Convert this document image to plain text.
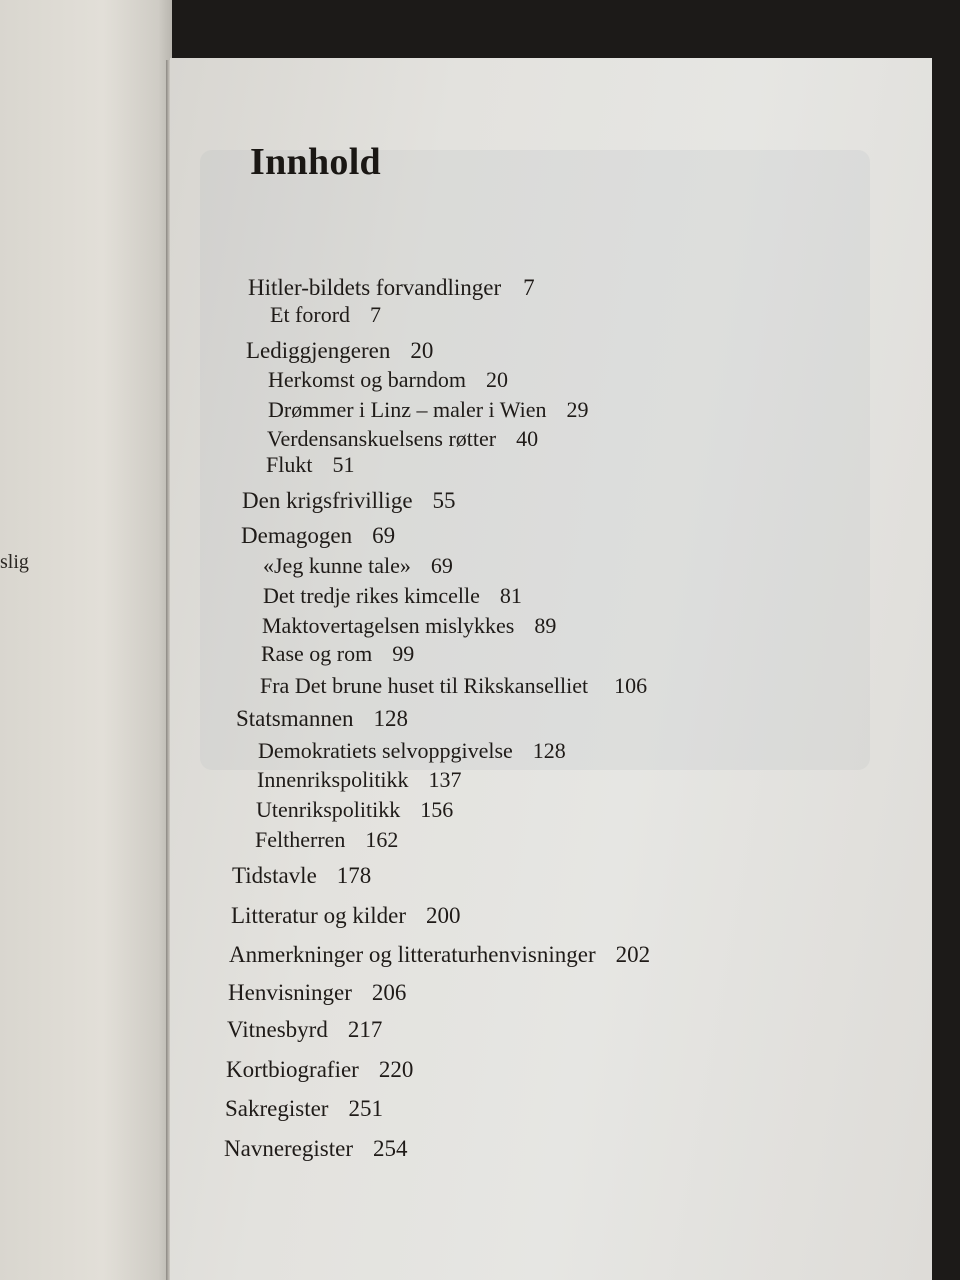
slig
Innhold
Hitler-bildets forvandlinger 7
Et forord 7
Lediggjengeren 20
Herkomst og barndom 20
Drømmer i Linz – maler i Wien 29
Verdensanskuelsens røtter 40
Flukt 51
Den krigsfrivillige 55
Demagogen 69
«Jeg kunne tale» 69
Det tredje rikes kimcelle 81
Maktovertagelsen mislykkes 89
Rase og rom 99
Fra Det brune huset til Rikskanselliet 106
Statsmannen 128
Demokratiets selvoppgivelse 128
Innenrikspolitikk 137
Utenrikspolitikk 156
Feltherren 162
Tidstavle 178
Litteratur og kilder 200
Anmerkninger og litteraturhenvisninger 202
Henvisninger 206
Vitnesbyrd 217
Kortbiografier 220
Sakregister 251
Navneregister 254
